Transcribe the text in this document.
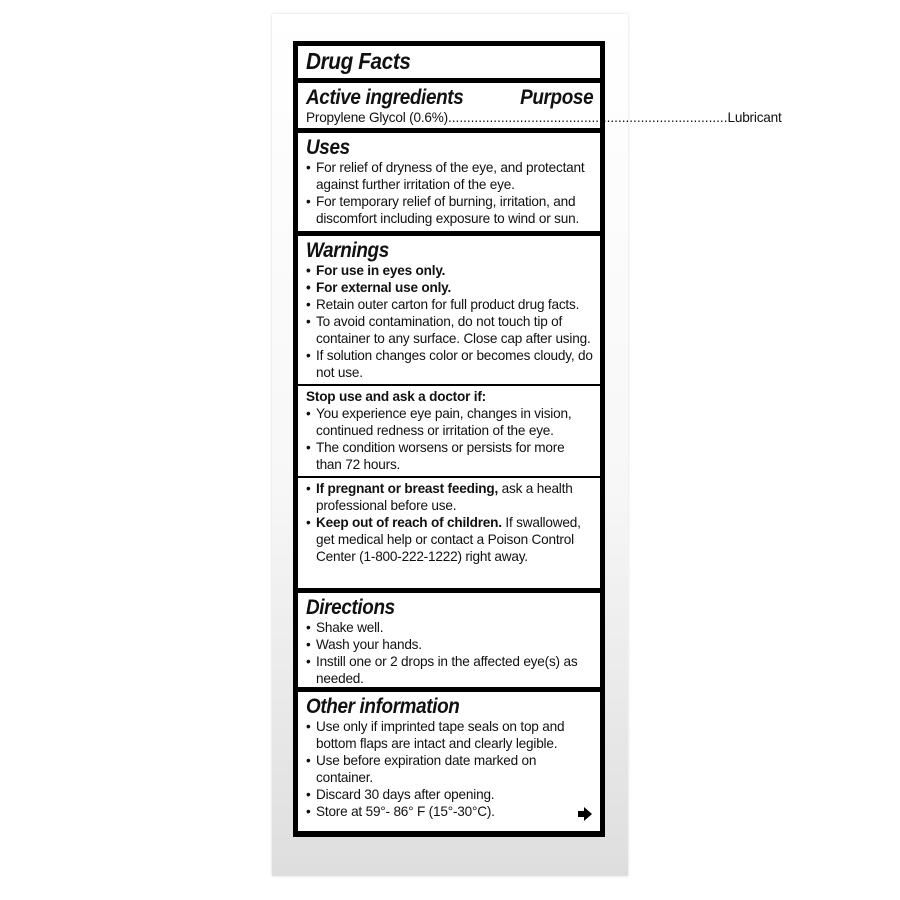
Drug Facts
Active ingredients	Purpose
Propylene Glycol (0.6%) .......................................................................... Lubricant
Uses
• For relief of dryness of the eye, and protectant against further irritation of the eye.
• For temporary relief of burning, irritation, and discomfort including exposure to wind or sun.
Warnings
• For use in eyes only.
• For external use only.
• Retain outer carton for full product drug facts.
• To avoid contamination, do not touch tip of container to any surface. Close cap after using.
• If solution changes color or becomes cloudy, do not use.
Stop use and ask a doctor if:
• You experience eye pain, changes in vision, continued redness or irritation of the eye.
• The condition worsens or persists for more than 72 hours.
• If pregnant or breast feeding, ask a health professional before use.
• Keep out of reach of children. If swallowed, get medical help or contact a Poison Control Center (1-800-222-1222) right away.
Directions
• Shake well.
• Wash your hands.
• Instill one or 2 drops in the affected eye(s) as needed.
Other information
• Use only if imprinted tape seals on top and bottom flaps are intact and clearly legible.
• Use before expiration date marked on container.
• Discard 30 days after opening.
• Store at 59°- 86° F (15°-30°C).
